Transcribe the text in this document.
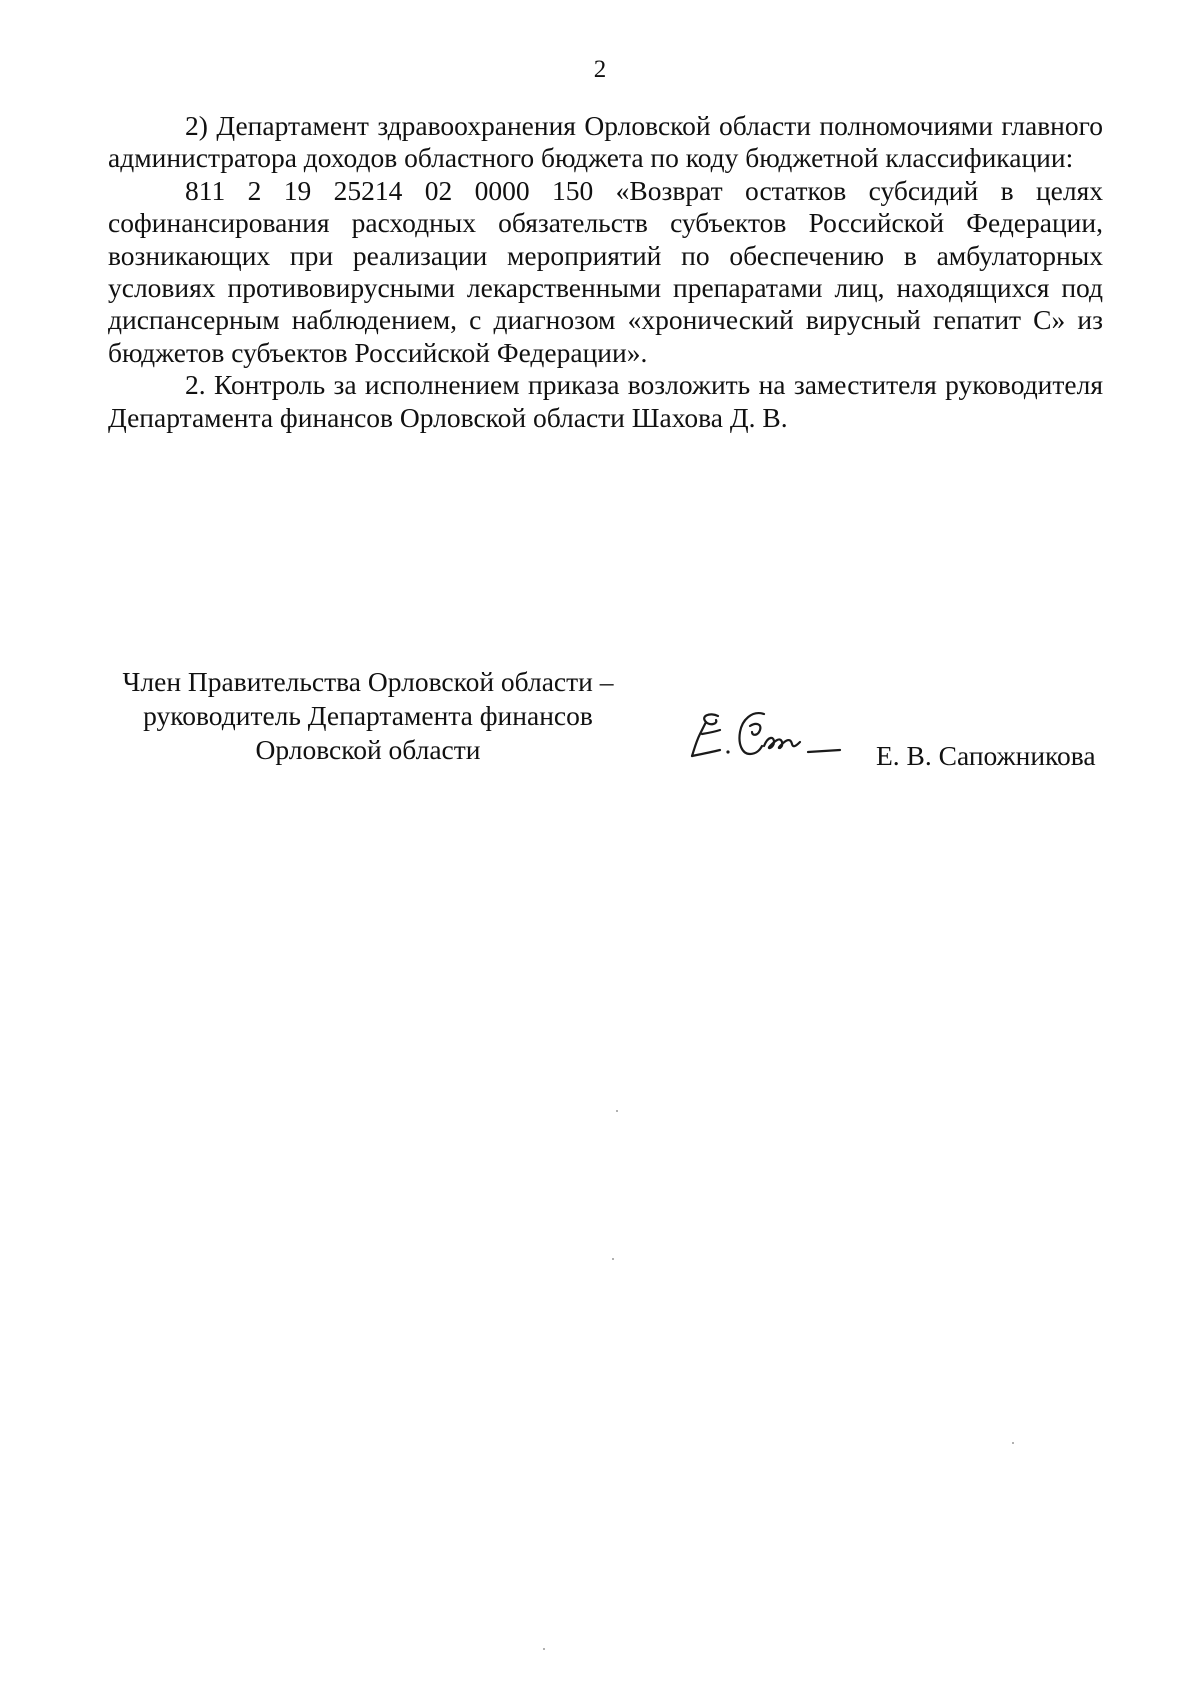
2

2) Департамент здравоохранения Орловской области полномочиями главного администратора доходов областного бюджета по коду бюджетной классификации:

811 2 19 25214 02 0000 150 «Возврат остатков субсидий в целях софинансирования расходных обязательств субъектов Российской Федерации, возникающих при реализации мероприятий по обеспечению в амбулаторных условиях противовирусными лекарственными препаратами лиц, находящихся под диспансерным наблюдением, с диагнозом «хронический вирусный гепатит С» из бюджетов субъектов Российской Федерации».

2. Контроль за исполнением приказа возложить на заместителя руководителя Департамента финансов Орловской области Шахова Д. В.

Член Правительства Орловской области –
руководитель Департамента финансов
Орловской области	Е. В. Сапожникова
